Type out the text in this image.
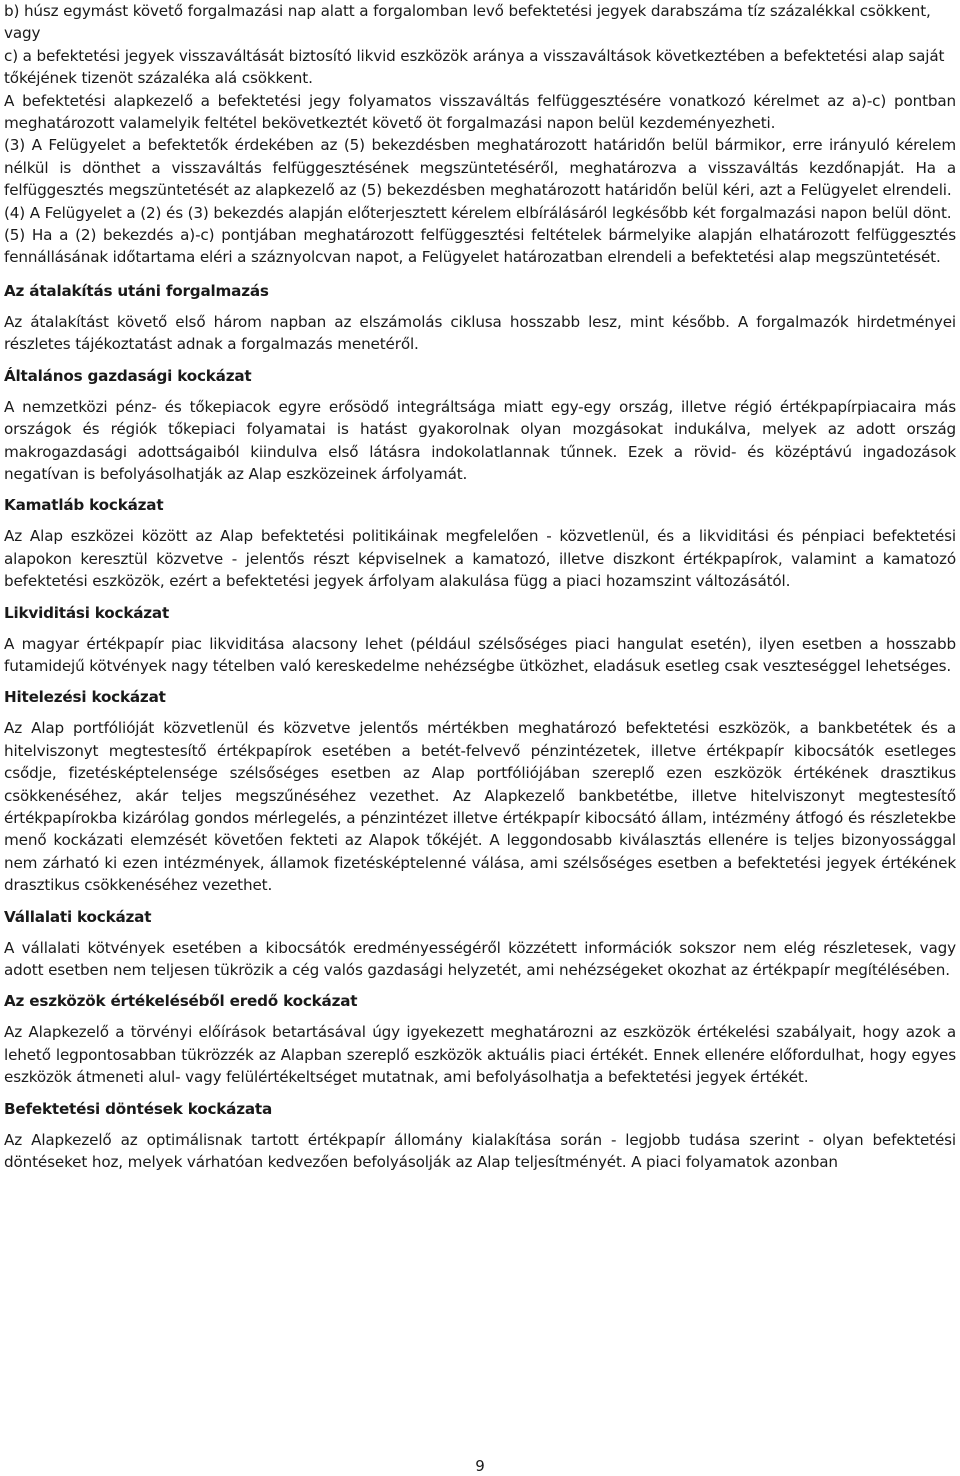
b) húsz egymást követő forgalmazási nap alatt a forgalomban levő befektetési jegyek darabszáma tíz százalékkal csökkent, vagy

c) a befektetési jegyek visszaváltását biztosító likvid eszközök aránya a visszaváltások következtében a befektetési alap saját tőkéjének tizenöt százaléka alá csökkent.

A befektetési alapkezelő a befektetési jegy folyamatos visszaváltás felfüggesztésére vonatkozó kérelmet az a)-c) pontban meghatározott valamelyik feltétel bekövetkeztét követő öt forgalmazási napon belül kezdeményezheti.

(3) A Felügyelet a befektetők érdekében az (5) bekezdésben meghatározott határidőn belül bármikor, erre irányuló kérelem nélkül is dönthet a visszaváltás felfüggesztésének megszüntetéséről, meghatározva a visszaváltás kezdőnapját. Ha a felfüggesztés megszüntetését az alapkezelő az (5) bekezdésben meghatározott határidőn belül kéri, azt a Felügyelet elrendeli.

(4) A Felügyelet a (2) és (3) bekezdés alapján előterjesztett kérelem elbírálásáról legkésőbb két forgalmazási napon belül dönt.

(5) Ha a (2) bekezdés a)-c) pontjában meghatározott felfüggesztési feltételek bármelyike alapján elhatározott felfüggesztés fennállásának időtartama eléri a száznyolcvan napot, a Felügyelet határozatban elrendeli a befektetési alap megszüntetését.

Az átalakítás utáni forgalmazás

Az átalakítást követő első három napban az elszámolás ciklusa hosszabb lesz, mint később. A forgalmazók hirdetményei részletes tájékoztatást adnak a forgalmazás menetéről.

Általános gazdasági kockázat

A nemzetközi pénz- és tőkepiacok egyre erősödő integráltsága miatt egy-egy ország, illetve régió értékpapírpiacaira más országok és régiók tőkepiaci folyamatai is hatást gyakorolnak olyan mozgásokat indukálva, melyek az adott ország makrogazdasági adottságaiból kiindulva első látásra indokolatlannak tűnnek. Ezek a rövid- és középtávú ingadozások negatívan is befolyásolhatják az Alap eszközeinek árfolyamát.

Kamatláb kockázat

Az Alap eszközei között az Alap befektetési politikáinak megfelelően - közvetlenül, és a likviditási és pénpiaci befektetési alapokon keresztül közvetve - jelentős részt képviselnek a kamatozó, illetve diszkont értékpapírok, valamint a kamatozó befektetési eszközök, ezért a befektetési jegyek árfolyam alakulása függ a piaci hozamszint változásától.

Likviditási kockázat

A magyar értékpapír piac likviditása alacsony lehet (például szélsőséges piaci hangulat esetén), ilyen esetben a hosszabb futamidejű kötvények nagy tételben való kereskedelme nehézségbe ütközhet, eladásuk esetleg csak veszteséggel lehetséges.

Hitelezési kockázat

Az Alap portfólióját közvetlenül és közvetve jelentős mértékben meghatározó befektetési eszközök, a bankbetétek és a hitelviszonyt megtestesítő értékpapírok esetében a betét-felvevő pénzintézetek, illetve értékpapír kibocsátók esetleges csődje, fizetésképtelensége szélsőséges esetben az Alap portfóliójában szereplő ezen eszközök értékének drasztikus csökkenéséhez, akár teljes megszűnéséhez vezethet. Az Alapkezelő bankbetétbe, illetve hitelviszonyt megtestesítő értékpapírokba kizárólag gondos mérlegelés, a pénzintézet illetve értékpapír kibocsátó állam, intézmény átfogó és részletekbe menő kockázati elemzését követően fekteti az Alapok tőkéjét. A leggondosabb kiválasztás ellenére is teljes bizonyossággal nem zárható ki ezen intézmények, államok fizetésképtelenné válása, ami szélsőséges esetben a befektetési jegyek értékének drasztikus csökkenéséhez vezethet.

Vállalati kockázat

A vállalati kötvények esetében a kibocsátók eredményességéről közzétett információk sokszor nem elég részletesek, vagy adott esetben nem teljesen tükrözik a cég valós gazdasági helyzetét, ami nehézségeket okozhat az értékpapír megítélésében.

Az eszközök értékeléséből eredő kockázat

Az Alapkezelő a törvényi előírások betartásával úgy igyekezett meghatározni az eszközök értékelési szabályait, hogy azok a lehető legpontosabban tükrözzék az Alapban szereplő eszközök aktuális piaci értékét. Ennek ellenére előfordulhat, hogy egyes eszközök átmeneti alul- vagy felülértékeltséget mutatnak, ami befolyásolhatja a befektetési jegyek értékét.

Befektetési döntések kockázata

Az Alapkezelő az optimálisnak tartott értékpapír állomány kialakítása során - legjobb tudása szerint - olyan befektetési döntéseket hoz, melyek várhatóan kedvezően befolyásolják az Alap teljesítményét. A piaci folyamatok azonban

9
